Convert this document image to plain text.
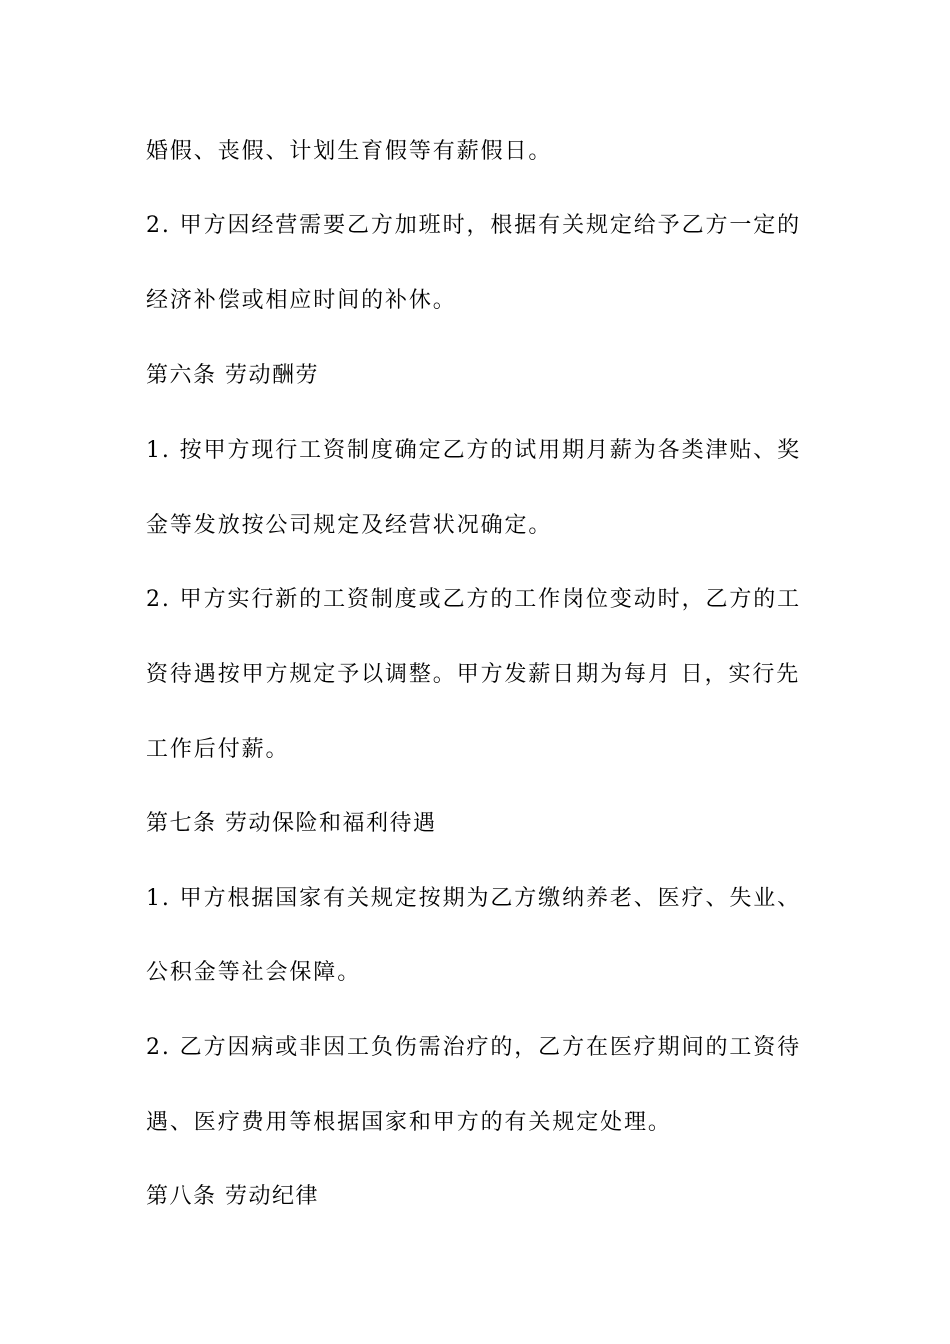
婚假、丧假、计划生育假等有薪假日。

2. 甲方因经营需要乙方加班时，根据有关规定给予乙方一定的

经济补偿或相应时间的补休。

第六条 劳动酬劳

1. 按甲方现行工资制度确定乙方的试用期月薪为各类津贴、奖

金等发放按公司规定及经营状况确定。

2. 甲方实行新的工资制度或乙方的工作岗位变动时，乙方的工

资待遇按甲方规定予以调整。甲方发薪日期为每月 日，实行先

工作后付薪。

第七条 劳动保险和福利待遇

1. 甲方根据国家有关规定按期为乙方缴纳养老、医疗、失业、

公积金等社会保障。

2. 乙方因病或非因工负伤需治疗的，乙方在医疗期间的工资待

遇、医疗费用等根据国家和甲方的有关规定处理。

第八条 劳动纪律
